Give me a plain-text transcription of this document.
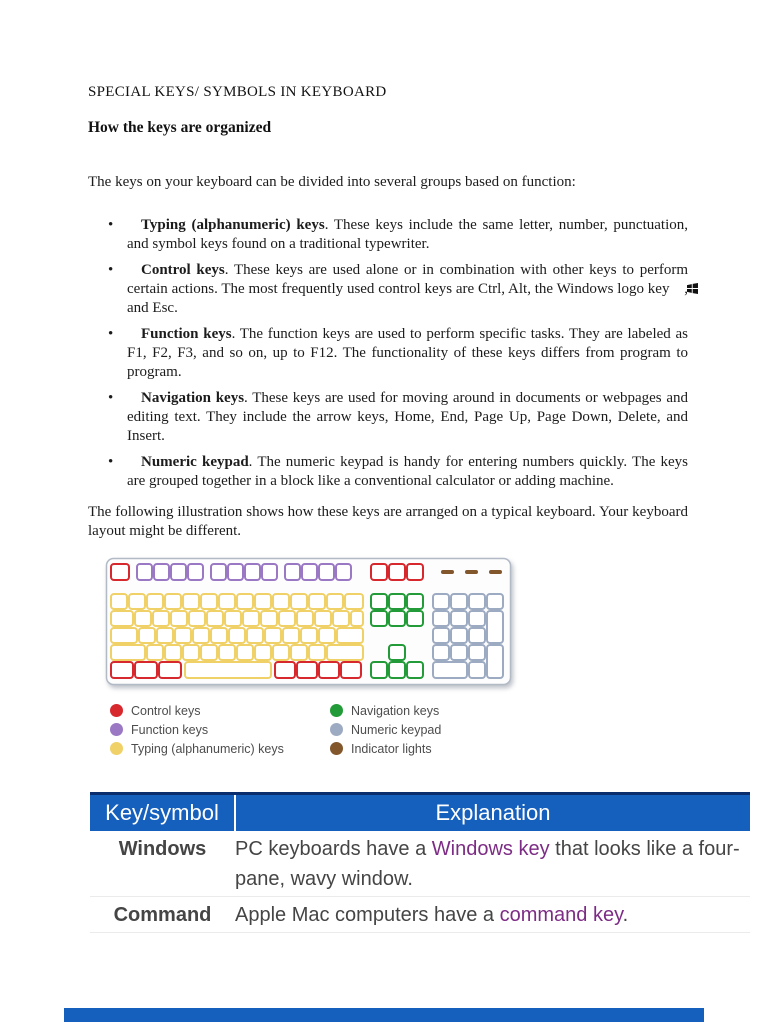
SPECIAL KEYS/ SYMBOLS IN KEYBOARD
How the keys are organized

The keys on your keyboard can be divided into several groups based on function:

• Typing (alphanumeric) keys. These keys include the same letter, number, punctuation, and symbol keys found on a traditional typewriter.
• Control keys. These keys are used alone or in combination with other keys to perform certain actions. The most frequently used control keys are Ctrl, Alt, the Windows logo key , and Esc.
• Function keys. The function keys are used to perform specific tasks. They are labeled as F1, F2, F3, and so on, up to F12. The functionality of these keys differs from program to program.
• Navigation keys. These keys are used for moving around in documents or webpages and editing text. They include the arrow keys, Home, End, Page Up, Page Down, Delete, and Insert.
• Numeric keypad. The numeric keypad is handy for entering numbers quickly. The keys are grouped together in a block like a conventional calculator or adding machine.

The following illustration shows how these keys are arranged on a typical keyboard. Your keyboard layout might be different.

Control keys
Function keys
Typing (alphanumeric) keys
Navigation keys
Numeric keypad
Indicator lights
Key/symbol	Explanation
Windows	PC keyboards have a Windows key that looks like a four-pane, wavy window.
Command	Apple Mac computers have a command key.
